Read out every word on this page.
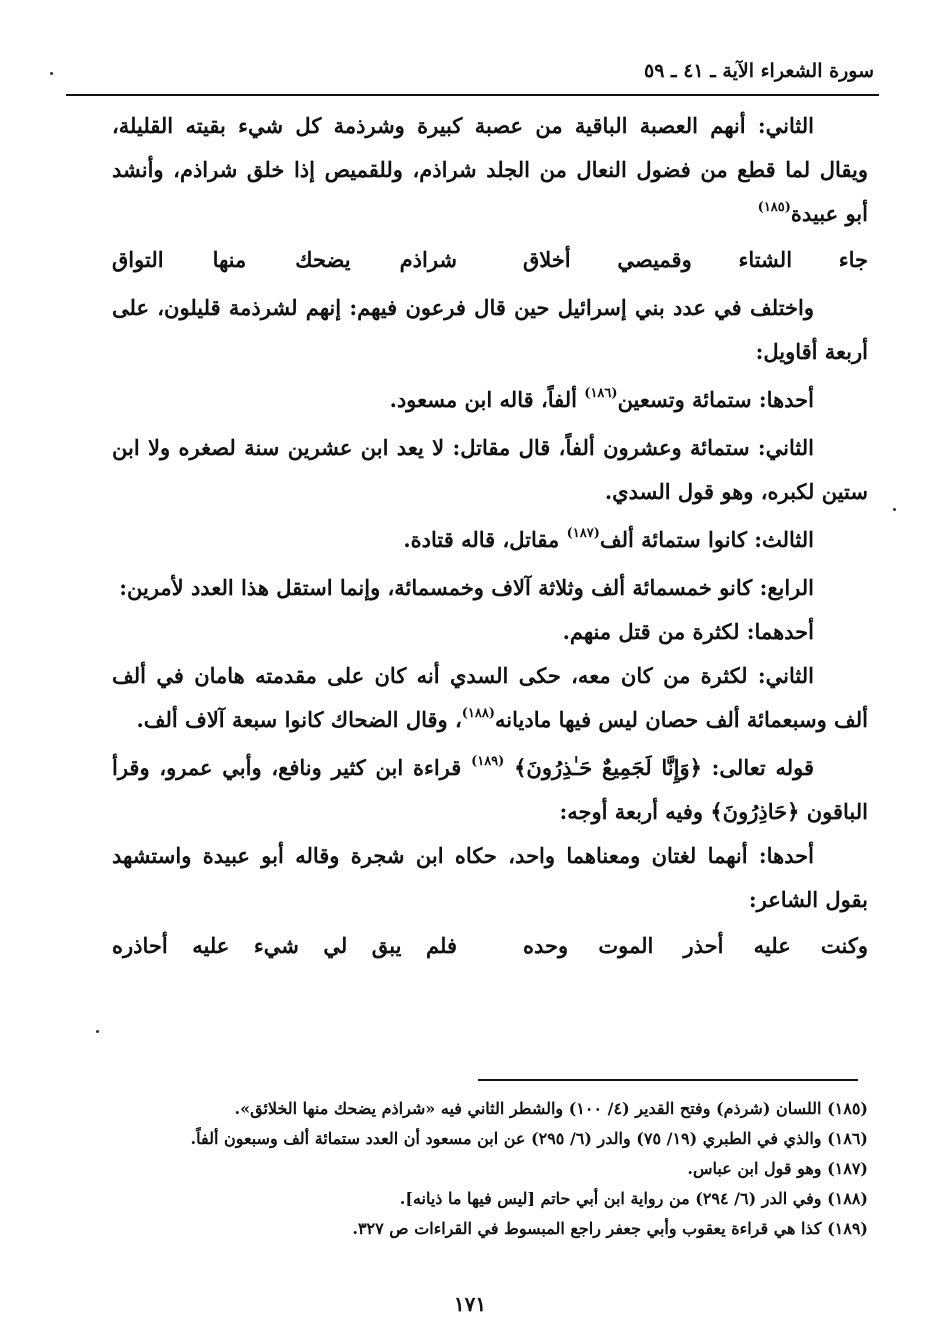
سورة الشعراء الآية ـ ٤١ ـ ٥٩

الثاني: أنهم العصبة الباقية من عصبة كبيرة وشرذمة كل شيء بقيته القليلة، ويقال لما قطع من فضول النعال من الجلد شراذم، وللقميص إذا خلق شراذم، وأنشد أبو عبيدة$^{(١٨٥)}$

جاء الشتاء وقميصي أخلاق
شراذم يضحك منها التواق

واختلف في عدد بني إسرائيل حين قال فرعون فيهم: إنهم لشرذمة قليلون، على أربعة أقاويل:

أحدها: ستمائة وتسعين$^{(١٨٦)}$ ألفاً، قاله ابن مسعود.

الثاني: ستمائة وعشرون ألفاً، قال مقاتل: لا يعد ابن عشرين سنة لصغره ولا ابن ستين لكبره، وهو قول السدي.

الثالث: كانوا ستمائة ألف$^{(١٨٧)}$ مقاتل، قاله قتادة.

الرابع: كانو خمسمائة ألف وثلاثة آلاف وخمسمائة، وإنما استقل هذا العدد لأمرين:

أحدهما: لكثرة من قتل منهم.

الثاني: لكثرة من كان معه، حكى السدي أنه كان على مقدمته هامان في ألف ألف وسبعمائة ألف حصان ليس فيها ماديانه$^{(١٨٨)}$، وقال الضحاك كانوا سبعة آلاف ألف.

قوله تعالى: ﴿وَإِنَّا لَجَمِيعٌ حَـٰذِرُونَ﴾ $^{(١٨٩)}$ قراءة ابن كثير ونافع، وأبي عمرو، وقرأ الباقون ﴿حَاذِرُونَ﴾ وفيه أربعة أوجه:

أحدها: أنهما لغتان ومعناهما واحد، حكاه ابن شجرة وقاله أبو عبيدة واستشهد بقول الشاعر:

وكنت عليه أحذر الموت وحده
فلم يبق لي شيء عليه أحاذره

(١٨٥) اللسان (شرذم) وفتح القدير (٤/ ١٠٠) والشطر الثاني فيه «شراذم يضحك منها الخلائق».

(١٨٦) والذي في الطبري (١٩/ ٧٥) والدر (٦/ ٢٩٥) عن ابن مسعود أن العدد ستمائة ألف وسبعون ألفاً.

(١٨٧) وهو قول ابن عباس.

(١٨٨) وفي الدر (٦/ ٢٩٤) من رواية ابن أبي حاتم [ليس فيها ما ذيانه].

(١٨٩) كذا هي قراءة يعقوب وأبي جعفر راجع المبسوط في القراءات ص ٣٢٧.

١٧١
